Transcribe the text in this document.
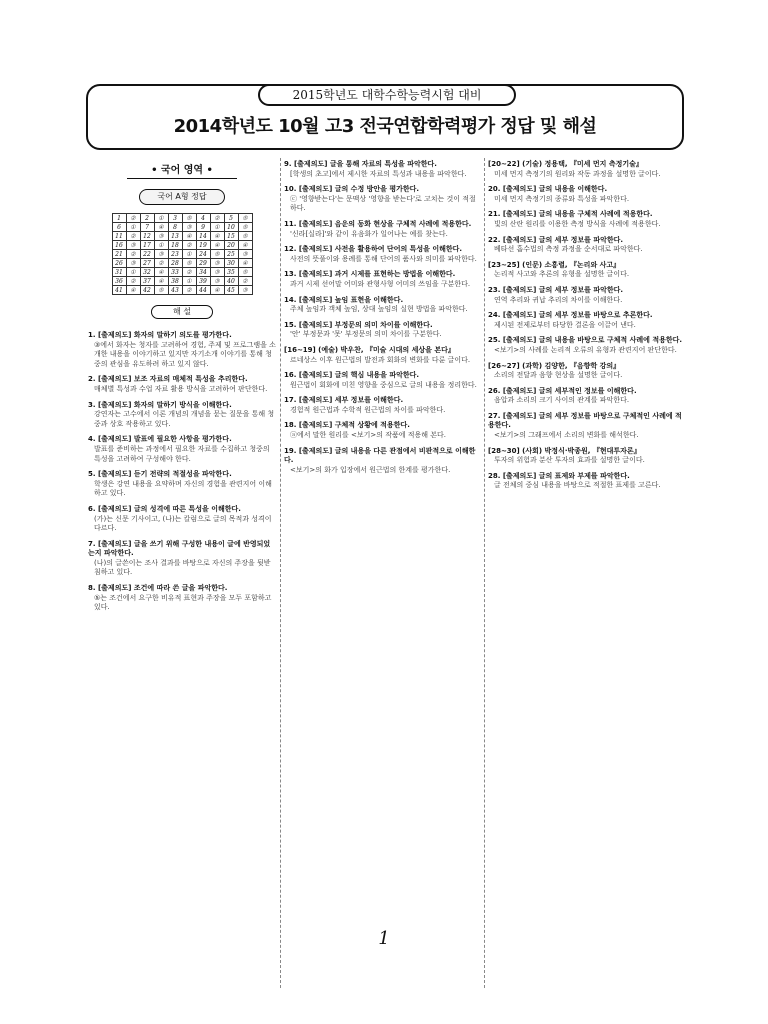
2015학년도 대학수학능력시험 대비
2014학년도 10월 고3 전국연합학력평가 정답 및 해설
• 국어 영역 •
국어 A형 정답
1	②	2	①	3	⑤	4	②	5	⑤
6	①	7	④	8	③	9	①	10	⑤
11	②	12	③	13	④	14	④	15	⑤
16	③	17	①	18	②	19	④	20	④
21	②	22	③	23	①	24	⑤	25	③
26	③	27	②	28	⑤	29	③	30	④
31	①	32	④	33	②	34	③	35	⑤
36	②	37	④	38	①	39	③	40	②
41	④	42	⑤	43	②	44	④	45	③
해 설
1. [출제의도] 화자의 말하기 의도를 평가한다.
③에서 화자는 청자를 고려하여 경험, 주제 및 프로그램을 소개한 내용을 이야기하고 있지만 자기소개 이야기를 통해 청중의 관심을 유도하려 하고 있지 않다.
2. [출제의도] 보조 자료의 매체적 특성을 추리한다.
매체별 특성과 수업 자료 활용 방식을 고려하여 판단한다.
3. [출제의도] 화자의 말하기 방식을 이해한다.
강연자는 고수에서 이론 개념의 개념을 묻는 질문을 통해 청중과 상호 작용하고 있다.
4. [출제의도] 발표에 필요한 사항을 평가한다.
발표를 준비하는 과정에서 필요한 자료를 수집하고 청중의 특성을 고려하여 구성해야 한다.
5. [출제의도] 듣기 전략의 적절성을 파악한다.
학생은 강연 내용을 요약하며 자신의 경험을 관련지어 이해하고 있다.
6. [출제의도] 글의 성격에 따른 특성을 이해한다.
(가)는 신문 기사이고, (나)는 칼럼으로 글의 목적과 성격이 다르다.
7. [출제의도] 글을 쓰기 위해 구성한 내용이 글에 반영되었는지 파악한다.
(나)의 글쓴이는 조사 결과를 바탕으로 자신의 주장을 뒷받침하고 있다.
8. [출제의도] 조건에 따라 쓴 글을 파악한다.
⑤는 조건에서 요구한 비유적 표현과 주장을 모두 포함하고 있다.
9. [출제의도] 글을 통해 자료의 특성을 파악한다.
[학생의 초고]에서 제시한 자료의 특성과 내용을 파악한다.
10. [출제의도] 글의 수정 방안을 평가한다.
ⓒ '영향받는다'는 문맥상 '영향을 받는다'로 고치는 것이 적절하다.
11. [출제의도] 음운의 동화 현상을 구체적 사례에 적용한다.
'신라[실라]'와 같이 유음화가 일어나는 예를 찾는다.
12. [출제의도] 사전을 활용하여 단어의 특성을 이해한다.
사전의 뜻풀이와 용례를 통해 단어의 품사와 의미를 파악한다.
13. [출제의도] 과거 시제를 표현하는 방법을 이해한다.
과거 시제 선어말 어미와 관형사형 어미의 쓰임을 구분한다.
14. [출제의도] 높임 표현을 이해한다.
주체 높임과 객체 높임, 상대 높임의 실현 방법을 파악한다.
15. [출제의도] 부정문의 의미 차이를 이해한다.
'안' 부정문과 '못' 부정문의 의미 차이를 구분한다.
[16~19] (예술) 박우찬, 『미술 시대의 세상을 본다』
르네상스 이후 원근법의 발전과 회화의 변화를 다룬 글이다.
16. [출제의도] 글의 핵심 내용을 파악한다.
원근법이 회화에 미친 영향을 중심으로 글의 내용을 정리한다.
17. [출제의도] 세부 정보를 이해한다.
경험적 원근법과 수학적 원근법의 차이를 파악한다.
18. [출제의도] 구체적 상황에 적용한다.
ⓐ에서 말한 원리를 <보기>의 작품에 적용해 본다.
19. [출제의도] 글의 내용을 다른 관점에서 비판적으로 이해한다.
<보기>의 화가 입장에서 원근법의 한계를 평가한다.
[20~22] (기술) 정용택, 『미세 먼지 측정기술』
미세 먼지 측정기의 원리와 작동 과정을 설명한 글이다.
20. [출제의도] 글의 내용을 이해한다.
미세 먼지 측정기의 종류와 특성을 파악한다.
21. [출제의도] 글의 내용을 구체적 사례에 적용한다.
빛의 산란 원리를 이용한 측정 방식을 사례에 적용한다.
22. [출제의도] 글의 세부 정보를 파악한다.
베타선 흡수법의 측정 과정을 순서대로 파악한다.
[23~25] (인문) 소흥렬, 『논리와 사고』
논리적 사고와 추론의 유형을 설명한 글이다.
23. [출제의도] 글의 세부 정보를 파악한다.
연역 추리와 귀납 추리의 차이를 이해한다.
24. [출제의도] 글의 세부 정보를 바탕으로 추론한다.
제시된 전제로부터 타당한 결론을 이끌어 낸다.
25. [출제의도] 글의 내용을 바탕으로 구체적 사례에 적용한다.
<보기>의 사례를 논리적 오류의 유형과 관련지어 판단한다.
[26~27] (과학) 김양한, 『음향학 강의』
소리의 전달과 음향 현상을 설명한 글이다.
26. [출제의도] 글의 세부적인 정보를 이해한다.
음압과 소리의 크기 사이의 관계를 파악한다.
27. [출제의도] 글의 세부 정보를 바탕으로 구체적인 사례에 적용한다.
<보기>의 그래프에서 소리의 변화를 해석한다.
[28~30] (사회) 박정식·박종원, 『현대투자론』
투자의 위험과 분산 투자의 효과를 설명한 글이다.
28. [출제의도] 글의 표제와 부제를 파악한다.
글 전체의 중심 내용을 바탕으로 적절한 표제를 고른다.
1
